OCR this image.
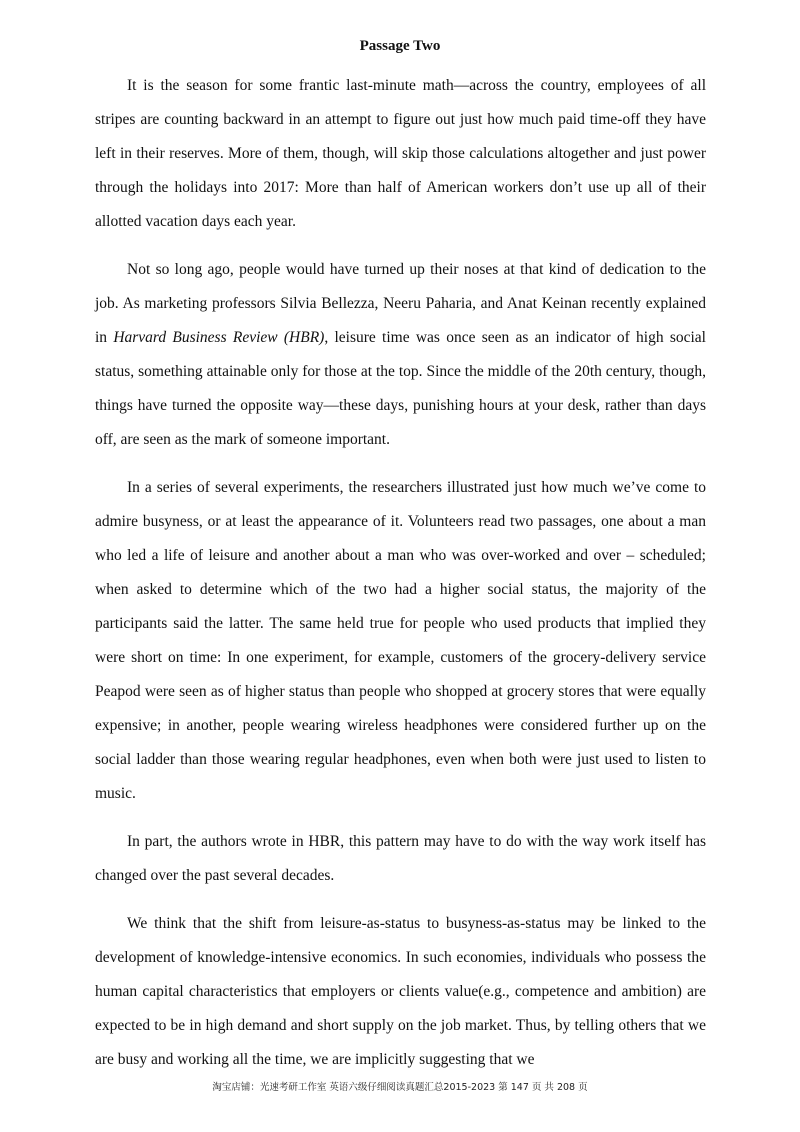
Passage Two

It is the season for some frantic last-minute math—across the country, employees of all stripes are counting backward in an attempt to figure out just how much paid time-off they have left in their reserves. More of them, though, will skip those calculations altogether and just power through the holidays into 2017: More than half of American workers don’t use up all of their allotted vacation days each year.

Not so long ago, people would have turned up their noses at that kind of dedication to the job. As marketing professors Silvia Bellezza, Neeru Paharia, and Anat Keinan recently explained in Harvard Business Review (HBR), leisure time was once seen as an indicator of high social status, something attainable only for those at the top. Since the middle of the 20th century, though, things have turned the opposite way—these days, punishing hours at your desk, rather than days off, are seen as the mark of someone important.

In a series of several experiments, the researchers illustrated just how much we’ve come to admire busyness, or at least the appearance of it. Volunteers read two passages, one about a man who led a life of leisure and another about a man who was over-worked and over – scheduled; when asked to determine which of the two had a higher social status, the majority of the participants said the latter. The same held true for people who used products that implied they were short on time: In one experiment, for example, customers of the grocery-delivery service Peapod were seen as of higher status than people who shopped at grocery stores that were equally expensive; in another, people wearing wireless headphones were considered further up on the social ladder than those wearing regular headphones, even when both were just used to listen to music.

In part, the authors wrote in HBR, this pattern may have to do with the way work itself has changed over the past several decades.

We think that the shift from leisure-as-status to busyness-as-status may be linked to the development of knowledge-intensive economics. In such economies, individuals who possess the human capital characteristics that employers or clients value(e.g., competence and ambition) are expected to be in high demand and short supply on the job market. Thus, by telling others that we are busy and working all the time, we are implicitly suggesting that we

淘宝店铺：光速考研工作室 英语六级仔细阅读真题汇总2015-2023 第 147 页 共 208 页
